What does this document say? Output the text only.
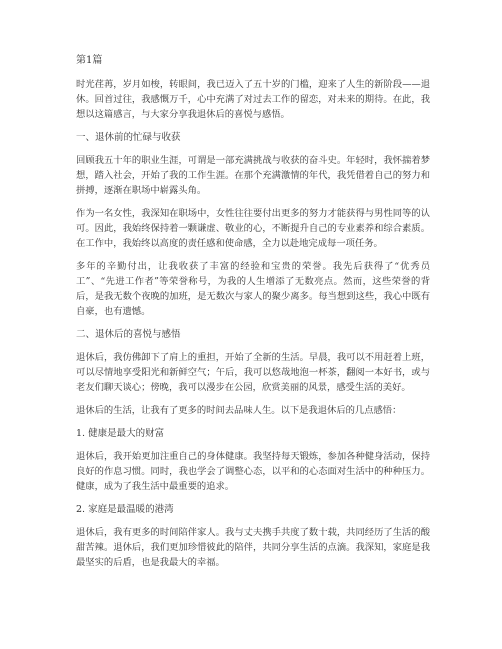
第1篇

时光荏苒，岁月如梭，转眼间，我已迈入了五十岁的门槛，迎来了人生的新阶段——退休。回首过往，我感慨万千，心中充满了对过去工作的留恋，对未来的期待。在此，我想以这篇感言，与大家分享我退休后的喜悦与感悟。

一、退休前的忙碌与收获

回顾我五十年的职业生涯，可谓是一部充满挑战与收获的奋斗史。年轻时，我怀揣着梦想，踏入社会，开始了我的工作生涯。在那个充满激情的年代，我凭借着自己的努力和拼搏，逐渐在职场中崭露头角。

作为一名女性，我深知在职场中，女性往往要付出更多的努力才能获得与男性同等的认可。因此，我始终保持着一颗谦虚、敬业的心，不断提升自己的专业素养和综合素质。在工作中，我始终以高度的责任感和使命感，全力以赴地完成每一项任务。

多年的辛勤付出，让我收获了丰富的经验和宝贵的荣誉。我先后获得了“优秀员工”、“先进工作者”等荣誉称号，为我的人生增添了无数亮点。然而，这些荣誉的背后，是我无数个夜晚的加班，是无数次与家人的聚少离多。每当想到这些，我心中既有自豪，也有遗憾。

二、退休后的喜悦与感悟

退休后，我仿佛卸下了肩上的重担，开始了全新的生活。早晨，我可以不用赶着上班，可以尽情地享受阳光和新鲜空气；午后，我可以悠哉地泡一杯茶，翻阅一本好书，或与老友们聊天谈心；傍晚，我可以漫步在公园，欣赏美丽的风景，感受生活的美好。

退休后的生活，让我有了更多的时间去品味人生。以下是我退休后的几点感悟：

1. 健康是最大的财富

退休后，我开始更加注重自己的身体健康。我坚持每天锻炼，参加各种健身活动，保持良好的作息习惯。同时，我也学会了调整心态，以平和的心态面对生活中的种种压力。健康，成为了我生活中最重要的追求。

2. 家庭是最温暖的港湾

退休后，我有更多的时间陪伴家人。我与丈夫携手共度了数十载，共同经历了生活的酸甜苦辣。退休后，我们更加珍惜彼此的陪伴，共同分享生活的点滴。我深知，家庭是我最坚实的后盾，也是我最大的幸福。
